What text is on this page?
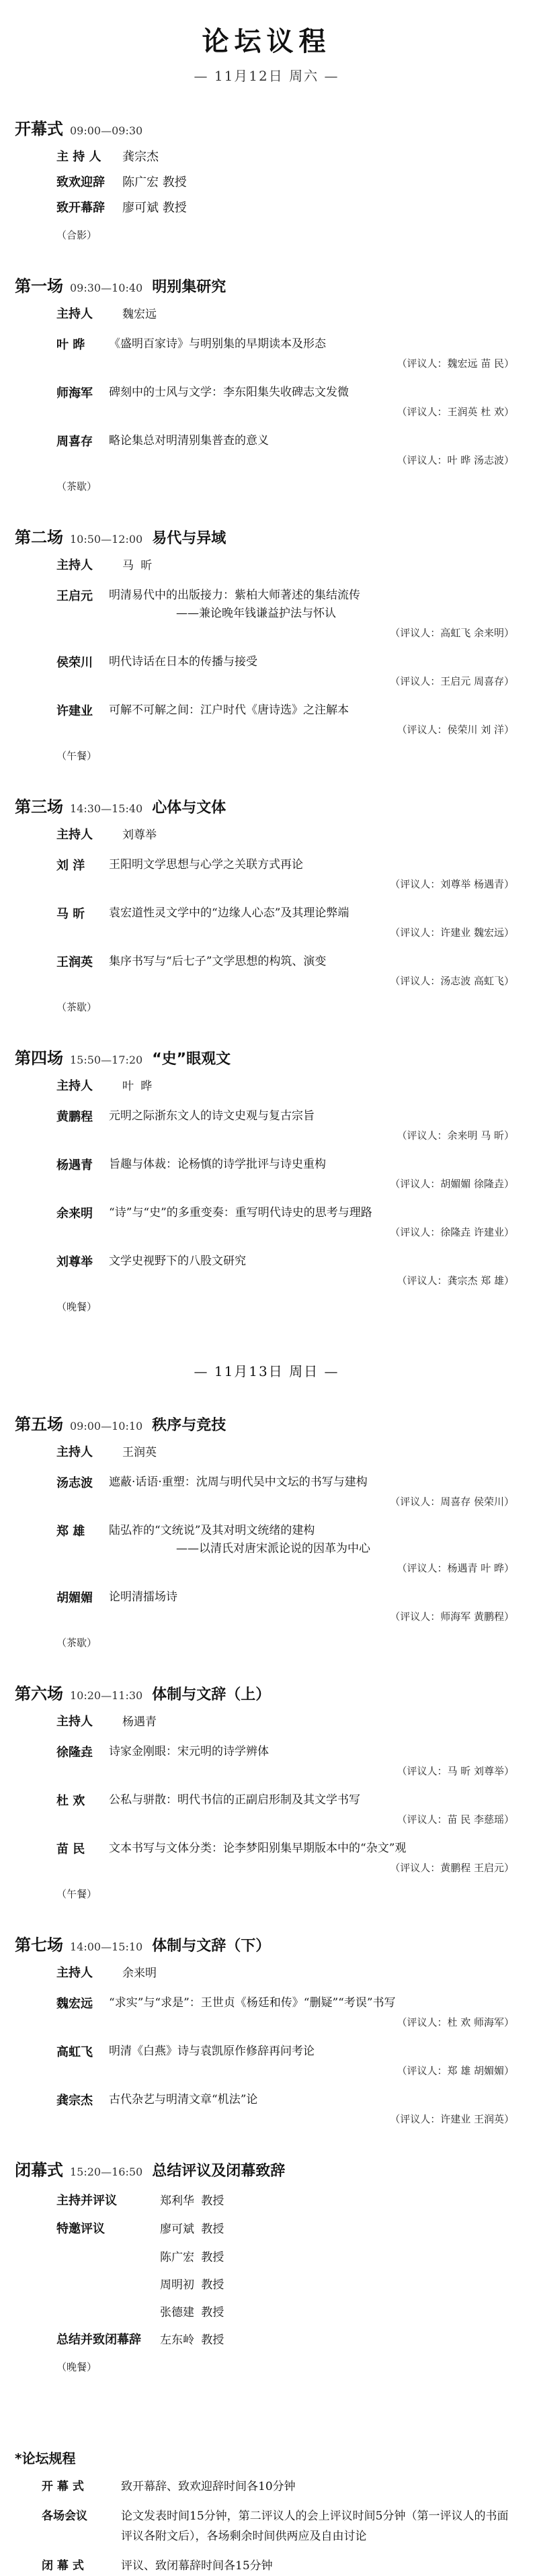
论坛议程
— 11月12日 周六 —
开幕式 09:00—09:30
主 持 人	龚宗杰
致欢迎辞	陈广宏 教授
致开幕辞	廖可斌 教授
（合影）
第一场 09:30—10:40 明别集研究
主持人	魏宏远
叶 晔	《盛明百家诗》与明别集的早期读本及形态
（评议人：魏宏远 苗 民）
师海军	碑刻中的士风与文学：李东阳集失收碑志文发微
（评议人：王润英 杜 欢）
周喜存	略论集总对明清别集普查的意义
（评议人：叶 晔 汤志波）
（茶歇）
第二场 10:50—12:00 易代与异域
主持人	马 昕
王启元	明清易代中的出版接力：紫柏大师著述的集结流传
——兼论晚年钱谦益护法与怀认
（评议人：高虹飞 余来明）
侯荣川	明代诗话在日本的传播与接受
（评议人：王启元 周喜存）
许建业	可解不可解之间：江户时代《唐诗选》之注解本
（评议人：侯荣川 刘 洋）
（午餐）
第三场 14:30—15:40 心体与文体
主持人	刘尊举
刘 洋	王阳明文学思想与心学之关联方式再论
（评议人：刘尊举 杨遇青）
马 昕	袁宏道性灵文学中的“边缘人心态”及其理论弊端
（评议人：许建业 魏宏远）
王润英	集序书写与“后七子”文学思想的构筑、演变
（评议人：汤志波 高虹飞）
（茶歇）
第四场 15:50—17:20 “史”眼观文
主持人	叶 晔
黄鹏程	元明之际浙东文人的诗文史观与复古宗旨
（评议人：余来明 马 昕）
杨遇青	旨趣与体裁：论杨慎的诗学批评与诗史重构
（评议人：胡媚媚 徐隆垚）
余来明	“诗”与“史”的多重变奏：重写明代诗史的思考与理路
（评议人：徐隆垚 许建业）
刘尊举	文学史视野下的八股文研究
（评议人：龚宗杰 郑 雄）
（晚餐）
— 11月13日 周日 —
第五场 09:00—10:10 秩序与竞技
主持人	王润英
汤志波	遮蔽·话语·重塑：沈周与明代吴中文坛的书写与建构
（评议人：周喜存 侯荣川）
郑 雄	陆弘祚的“文统说”及其对明文统绪的建构
——以清氏对唐宋派论说的因革为中心
（评议人：杨遇青 叶 晔）
胡媚媚	论明清擂场诗
（评议人：师海军 黄鹏程）
（茶歇）
第六场 10:20—11:30 体制与文辞（上）
主持人	杨遇青
徐隆垚	诗家金刚眼：宋元明的诗学辨体
（评议人：马 昕 刘尊举）
杜 欢	公私与骈散：明代书信的正副启形制及其文学书写
（评议人：苗 民 李慈瑶）
苗 民	文本书写与文体分类：论李梦阳别集早期版本中的“杂文”观
（评议人：黄鹏程 王启元）
（午餐）
第七场 14:00—15:10 体制与文辞（下）
主持人	余来明
魏宏远	“求实”与“求是”：王世贞《杨廷和传》“删疑”“考误”书写
（评议人：杜 欢 师海军）
高虹飞	明清《白燕》诗与袁凯原作修辞再问考论
（评议人：郑 雄 胡媚媚）
龚宗杰	古代杂艺与明清文章“机法”论
（评议人：许建业 王润英）
闭幕式 15:20—16:50 总结评议及闭幕致辞
主持并评议	郑利华 教授
特邀评议	廖可斌 教授
陈广宏 教授
周明初 教授
张德建 教授
总结并致闭幕辞	左东岭 教授
（晚餐）
*论坛规程
开 幕 式	致开幕辞、致欢迎辞时间各10分钟
各场会议	论文发表时间15分钟，第二评议人的会上评议时间5分钟（第一评议人的书面评议各附文后），各场剩余时间供两应及自由讨论
闭 幕 式	评议、致闭幕辞时间各15分钟
